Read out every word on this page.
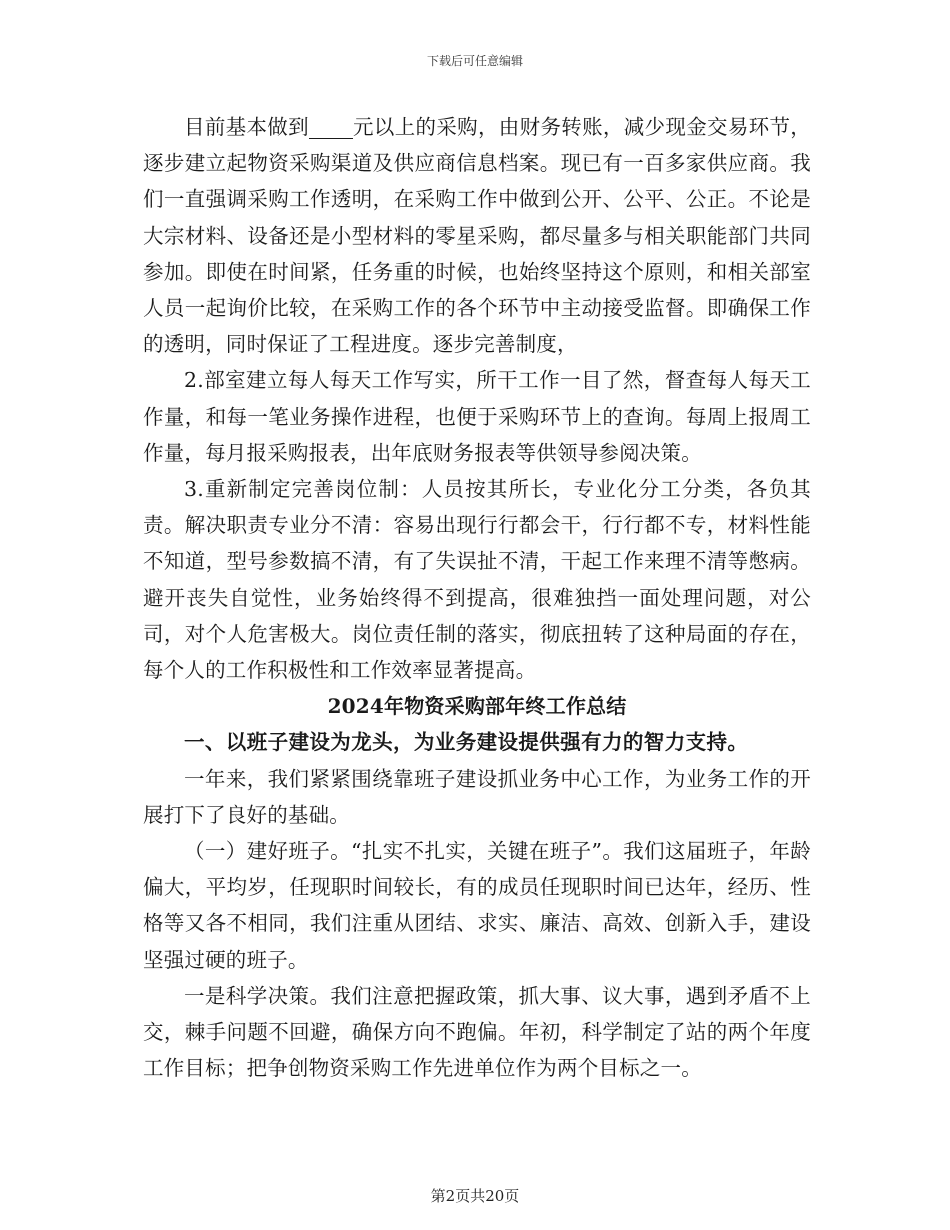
下载后可任意编辑

目前基本做到 元以上的采购，由财务转账，减少现金交易环节，逐步建立起物资采购渠道及供应商信息档案。现已有一百多家供应商。我们一直强调采购工作透明，在采购工作中做到公开、公平、公正。不论是大宗材料、设备还是小型材料的零星采购，都尽量多与相关职能部门共同参加。即使在时间紧，任务重的时候，也始终坚持这个原则，和相关部室人员一起询价比较，在采购工作的各个环节中主动接受监督。即确保工作的透明，同时保证了工程进度。逐步完善制度，

2.部室建立每人每天工作写实，所干工作一目了然，督查每人每天工作量，和每一笔业务操作进程，也便于采购环节上的查询。每周上报周工作量，每月报采购报表，出年底财务报表等供领导参阅决策。

3.重新制定完善岗位制：人员按其所长，专业化分工分类，各负其责。解决职责专业分不清：容易出现行行都会干，行行都不专，材料性能不知道，型号参数搞不清，有了失误扯不清，干起工作来理不清等憋病。避开丧失自觉性，业务始终得不到提高，很难独挡一面处理问题，对公司，对个人危害极大。岗位责任制的落实，彻底扭转了这种局面的存在，每个人的工作积极性和工作效率显著提高。

2024年物资采购部年终工作总结

一、以班子建设为龙头，为业务建设提供强有力的智力支持。

一年来，我们紧紧围绕靠班子建设抓业务中心工作，为业务工作的开展打下了良好的基础。

（一）建好班子。“扎实不扎实，关键在班子”。我们这届班子，年龄偏大，平均岁，任现职时间较长，有的成员任现职时间已达年，经历、性格等又各不相同，我们注重从团结、求实、廉洁、高效、创新入手，建设坚强过硬的班子。

一是科学决策。我们注意把握政策，抓大事、议大事，遇到矛盾不上交，棘手问题不回避，确保方向不跑偏。年初，科学制定了站的两个年度工作目标；把争创物资采购工作先进单位作为两个目标之一。

第2页共20页
